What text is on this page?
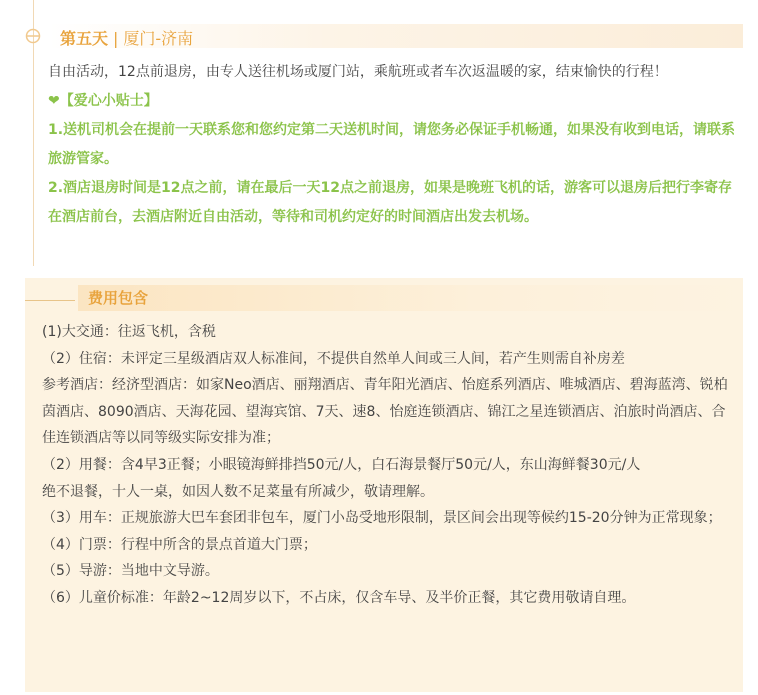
第五天 | 厦门-济南

自由活动，12点前退房，由专人送往机场或厦门站，乘航班或者车次返温暖的家，结束愉快的行程！

❤【爱心小贴士】

1.送机司机会在提前一天联系您和您约定第二天送机时间，请您务必保证手机畅通，如果没有收到电话，请联系旅游管家。

2.酒店退房时间是12点之前，请在最后一天12点之前退房，如果是晚班飞机的话，游客可以退房后把行李寄存在酒店前台，去酒店附近自由活动，等待和司机约定好的时间酒店出发去机场。

费用包含

(1)大交通：往返飞机，含税

（2）住宿：未评定三星级酒店双人标准间，不提供自然单人间或三人间，若产生则需自补房差

参考酒店：经济型酒店：如家Neo酒店、丽翔酒店、青年阳光酒店、怡庭系列酒店、唯城酒店、碧海蓝湾、锐柏茵酒店、8090酒店、天海花园、望海宾馆、7天、速8、怡庭连锁酒店、锦江之星连锁酒店、泊旅时尚酒店、合佳连锁酒店等以同等级实际安排为准；

（2）用餐：含4早3正餐；小眼镜海鲜排挡50元/人，白石海景餐厅50元/人，东山海鲜餐30元/人

绝不退餐，十人一桌，如因人数不足菜量有所减少，敬请理解。

（3）用车：正规旅游大巴车套团非包车，厦门小岛受地形限制，景区间会出现等候约15-20分钟为正常现象；

（4）门票：行程中所含的景点首道大门票；

（5）导游：当地中文导游。

（6）儿童价标准：年龄2~12周岁以下，不占床，仅含车导、及半价正餐，其它费用敬请自理。
